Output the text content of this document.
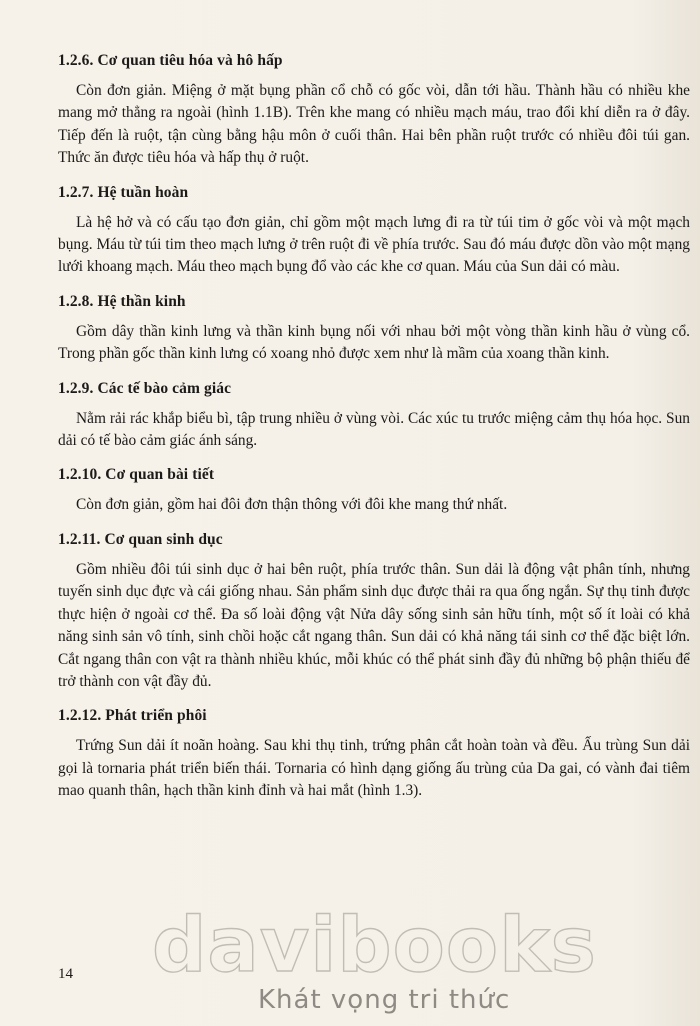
1.2.6. Cơ quan tiêu hóa và hô hấp

Còn đơn giản. Miệng ở mặt bụng phần cổ chỗ có gốc vòi, dẫn tới hầu. Thành hầu có nhiều khe mang mở thẳng ra ngoài (hình 1.1B). Trên khe mang có nhiều mạch máu, trao đổi khí diễn ra ở đây. Tiếp đến là ruột, tận cùng bằng hậu môn ở cuối thân. Hai bên phần ruột trước có nhiều đôi túi gan. Thức ăn được tiêu hóa và hấp thụ ở ruột.

1.2.7. Hệ tuần hoàn

Là hệ hở và có cấu tạo đơn giản, chỉ gồm một mạch lưng đi ra từ túi tim ở gốc vòi và một mạch bụng. Máu từ túi tim theo mạch lưng ở trên ruột đi về phía trước. Sau đó máu được dồn vào một mạng lưới khoang mạch. Máu theo mạch bụng đổ vào các khe cơ quan. Máu của Sun dải có màu.

1.2.8. Hệ thần kinh

Gồm dây thần kinh lưng và thần kinh bụng nối với nhau bởi một vòng thần kinh hầu ở vùng cổ. Trong phần gốc thần kinh lưng có xoang nhỏ được xem như là mầm của xoang thần kinh.

1.2.9. Các tế bào cảm giác

Nằm rải rác khắp biểu bì, tập trung nhiều ở vùng vòi. Các xúc tu trước miệng cảm thụ hóa học. Sun dải có tế bào cảm giác ánh sáng.

1.2.10. Cơ quan bài tiết

Còn đơn giản, gồm hai đôi đơn thận thông với đôi khe mang thứ nhất.

1.2.11. Cơ quan sinh dục

Gồm nhiều đôi túi sinh dục ở hai bên ruột, phía trước thân. Sun dải là động vật phân tính, nhưng tuyến sinh dục đực và cái giống nhau. Sản phẩm sinh dục được thải ra qua ống ngắn. Sự thụ tinh được thực hiện ở ngoài cơ thể. Đa số loài động vật Nửa dây sống sinh sản hữu tính, một số ít loài có khả năng sinh sản vô tính, sinh chồi hoặc cắt ngang thân. Sun dải có khả năng tái sinh cơ thể đặc biệt lớn. Cắt ngang thân con vật ra thành nhiều khúc, mỗi khúc có thể phát sinh đầy đủ những bộ phận thiếu để trở thành con vật đầy đủ.

1.2.12. Phát triển phôi

Trứng Sun dải ít noãn hoàng. Sau khi thụ tinh, trứng phân cắt hoàn toàn và đều. Ấu trùng Sun dải gọi là tornaria phát triển biến thái. Tornaria có hình dạng giống ấu trùng của Da gai, có vành đai tiêm mao quanh thân, hạch thần kinh đỉnh và hai mắt (hình 1.3).

14 davibooks
Khát vọng tri thức
